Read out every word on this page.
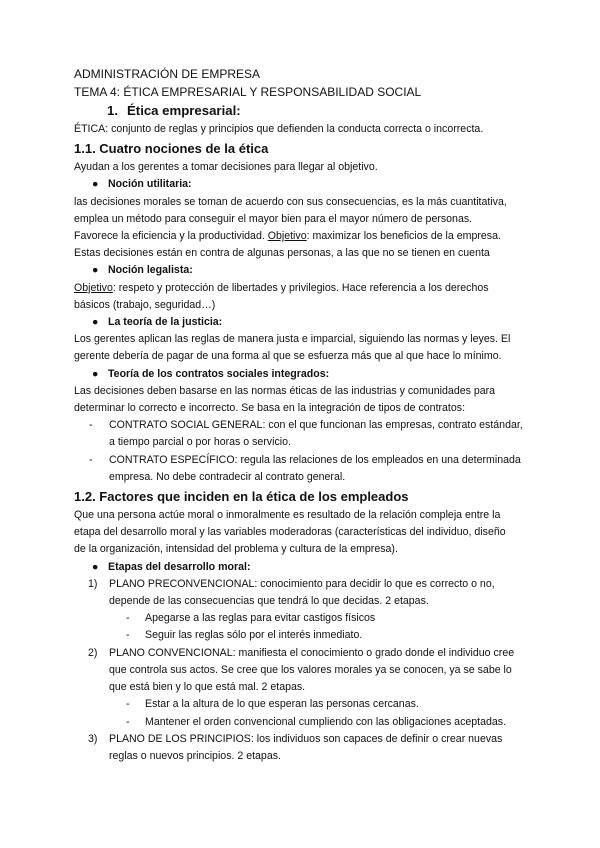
ADMINISTRACIÓN DE EMPRESA

TEMA 4: ÉTICA EMPRESARIAL Y RESPONSABILIDAD SOCIAL

1. Ética empresarial:

ÉTICA: conjunto de reglas y principios que defienden la conducta correcta o incorrecta.

1.1. Cuatro nociones de la ética

Ayudan a los gerentes a tomar decisiones para llegar al objetivo.

● Noción utilitaria:

las decisiones morales se toman de acuerdo con sus consecuencias, es la más cuantitativa,

emplea un método para conseguir el mayor bien para el mayor número de personas.

Favorece la eficiencia y la productividad. Objetivo: maximizar los beneficios de la empresa.

Estas decisiones están en contra de algunas personas, a las que no se tienen en cuenta

● Noción legalista:

Objetivo: respeto y protección de libertades y privilegios. Hace referencia a los derechos

básicos (trabajo, seguridad…)

● La teoría de la justicia:

Los gerentes aplican las reglas de manera justa e imparcial, siguiendo las normas y leyes. El

gerente debería de pagar de una forma al que se esfuerza más que al que hace lo mínimo.

● Teoría de los contratos sociales integrados:

Las decisiones deben basarse en las normas éticas de las industrias y comunidades para

determinar lo correcto e incorrecto. Se basa en la integración de tipos de contratos:

- CONTRATO SOCIAL GENERAL: con el que funcionan las empresas, contrato estándar,

a tiempo parcial o por horas o servicio.

- CONTRATO ESPECÍFICO: regula las relaciones de los empleados en una determinada

empresa. No debe contradecir al contrato general.

1.2. Factores que inciden en la ética de los empleados

Que una persona actúe moral o inmoralmente es resultado de la relación compleja entre la

etapa del desarrollo moral y las variables moderadoras (características del individuo, diseño

de la organización, intensidad del problema y cultura de la empresa).

● Etapas del desarrollo moral:

1) PLANO PRECONVENCIONAL: conocimiento para decidir lo que es correcto o no,

depende de las consecuencias que tendrá lo que decidas. 2 etapas.

- Apegarse a las reglas para evitar castigos físicos

- Seguir las reglas sólo por el interés inmediato.

2) PLANO CONVENCIONAL: manifiesta el conocimiento o grado donde el individuo cree

que controla sus actos. Se cree que los valores morales ya se conocen, ya se sabe lo

que está bien y lo que está mal. 2 etapas.

- Estar a la altura de lo que esperan las personas cercanas.

- Mantener el orden convencional cumpliendo con las obligaciones aceptadas.

3) PLANO DE LOS PRINCIPIOS: los individuos son capaces de definir o crear nuevas

reglas o nuevos principios. 2 etapas.
